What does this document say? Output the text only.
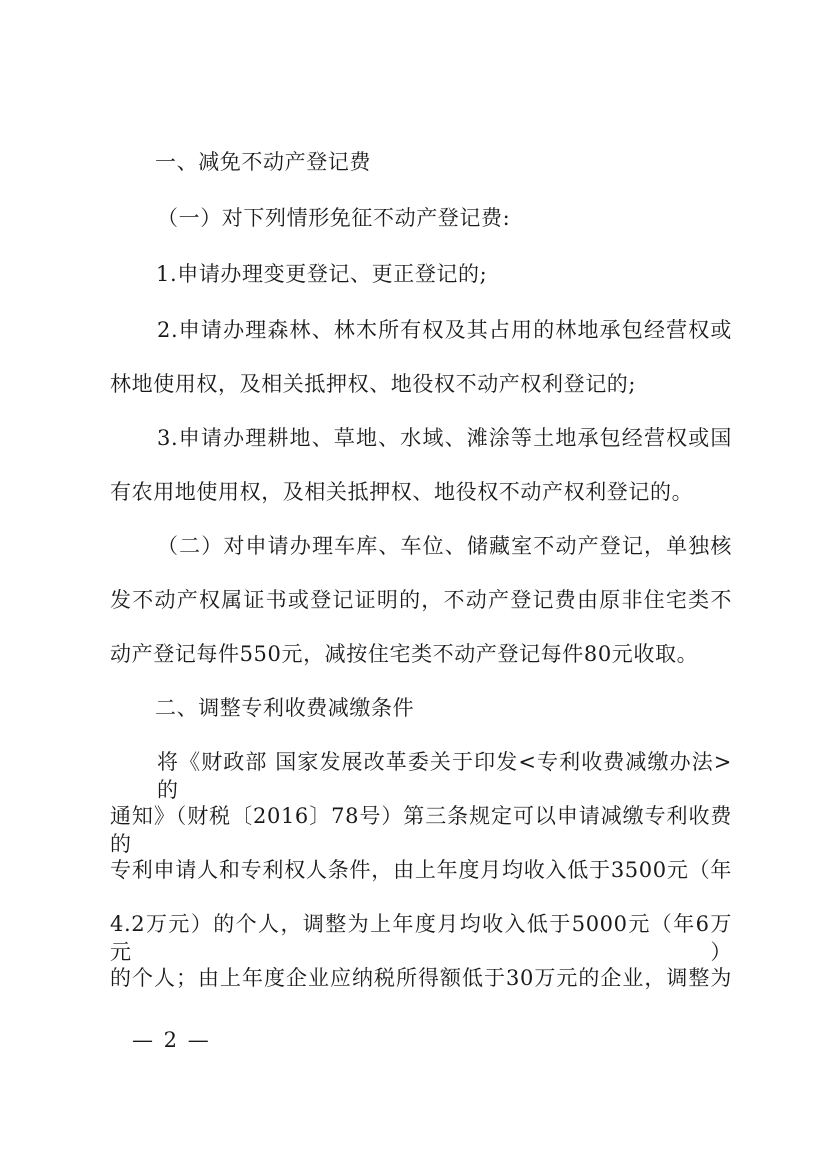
一、减免不动产登记费
（一）对下列情形免征不动产登记费:
1.申请办理变更登记、更正登记的;
2.申请办理森林、林木所有权及其占用的林地承包经营权或
林地使用权，及相关抵押权、地役权不动产权利登记的;
3.申请办理耕地、草地、水域、滩涂等土地承包经营权或国
有农用地使用权，及相关抵押权、地役权不动产权利登记的。
（二）对申请办理车库、车位、储藏室不动产登记，单独核
发不动产权属证书或登记证明的，不动产登记费由原非住宅类不
动产登记每件550元，减按住宅类不动产登记每件80元收取。
二、调整专利收费减缴条件
将《财政部 国家发展改革委关于印发<专利收费减缴办法>的
通知》（财税〔2016〕78号）第三条规定可以申请减缴专利收费的
专利申请人和专利权人条件，由上年度月均收入低于3500元（年
4.2万元）的个人，调整为上年度月均收入低于5000元（年6万元）
的个人；由上年度企业应纳税所得额低于30万元的企业，调整为
— 2 —
